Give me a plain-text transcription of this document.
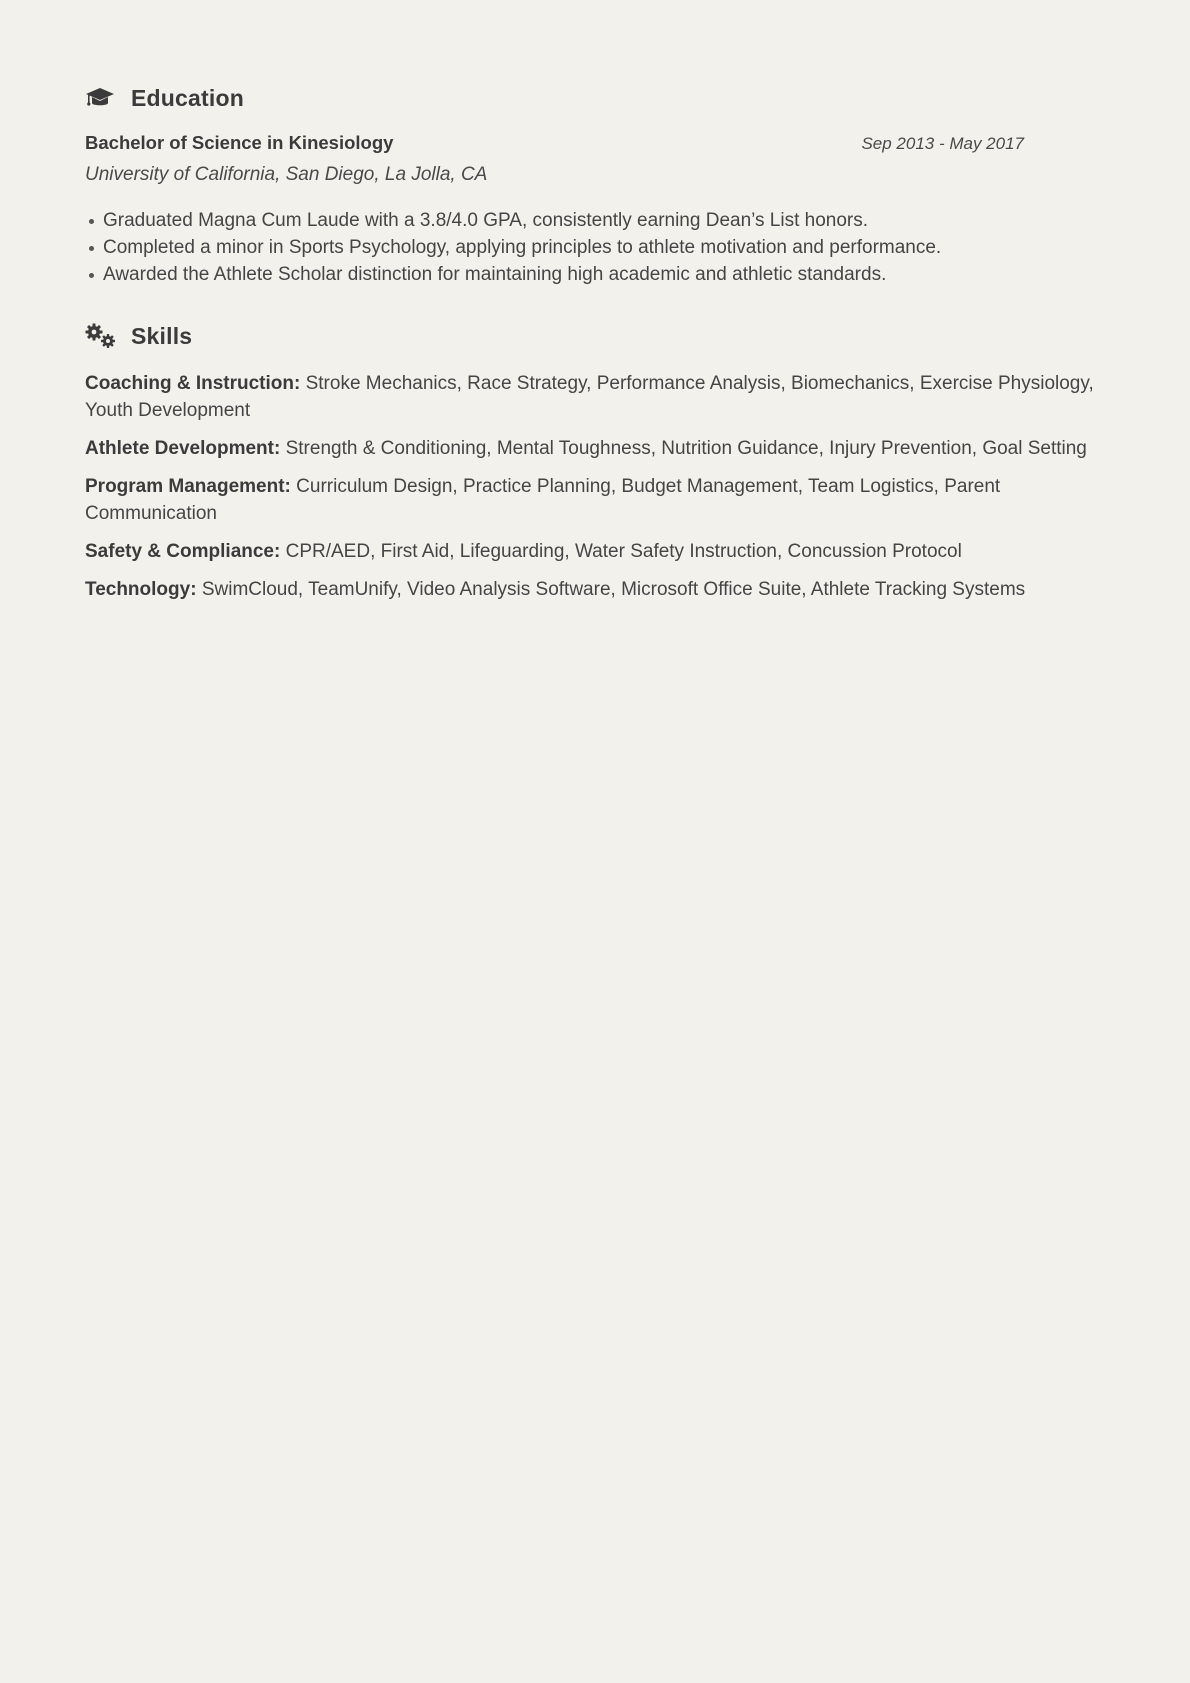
Education
Bachelor of Science in Kinesiology	Sep 2013 - May 2017
University of California, San Diego, La Jolla, CA
Graduated Magna Cum Laude with a 3.8/4.0 GPA, consistently earning Dean’s List honors.
Completed a minor in Sports Psychology, applying principles to athlete motivation and performance.
Awarded the Athlete Scholar distinction for maintaining high academic and athletic standards.
Skills
Coaching & Instruction: Stroke Mechanics, Race Strategy, Performance Analysis, Biomechanics, Exercise Physiology, Youth Development
Athlete Development: Strength & Conditioning, Mental Toughness, Nutrition Guidance, Injury Prevention, Goal Setting
Program Management: Curriculum Design, Practice Planning, Budget Management, Team Logistics, Parent Communication
Safety & Compliance: CPR/AED, First Aid, Lifeguarding, Water Safety Instruction, Concussion Protocol
Technology: SwimCloud, TeamUnify, Video Analysis Software, Microsoft Office Suite, Athlete Tracking Systems
